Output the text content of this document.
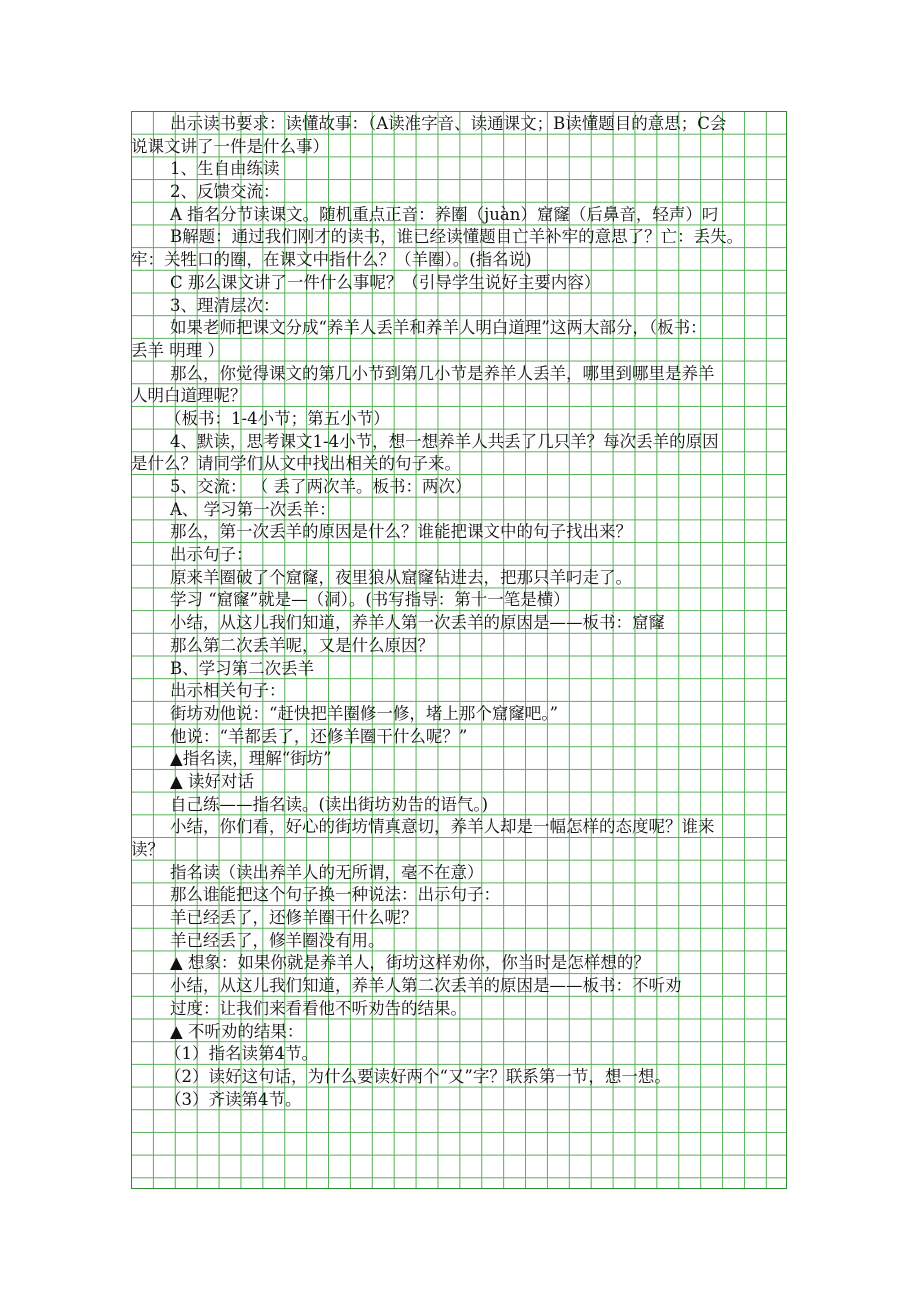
出示读书要求：读懂故事：（A读准字音、读通课文；B读懂题目的意思；C会
说课文讲了一件是什么事）
1、生自由练读
2、反馈交流：
A 指名分节读课文。随机重点正音：养圈（juàn）窟窿（后鼻音，轻声）叼
B解题：通过我们刚才的读书，谁已经读懂题目亡羊补牢的意思了？亡：丢失。
牢：关牲口的圈，在课文中指什么？（羊圈）。(指名说)
C 那么课文讲了一件什么事呢？（引导学生说好主要内容）
3、理清层次：
如果老师把课文分成“养羊人丢羊和养羊人明白道理”这两大部分，（板书：
丢羊 明理 ）
那么，你觉得课文的第几小节到第几小节是养羊人丢羊，哪里到哪里是养羊
人明白道理呢？
（板书：1-4小节；第五小节）
4、默读，思考课文1-4小节，想一想养羊人共丢了几只羊？每次丢羊的原因
是什么？请同学们从文中找出相关的句子来。
5、交流： （ 丢了两次羊。板书：两次）
A、 学习第一次丢羊：
那么，第一次丢羊的原因是什么？谁能把课文中的句子找出来？
出示句子：
原来羊圈破了个窟窿，夜里狼从窟窿钻进去，把那只羊叼走了。
学习 “窟窿”就是—（洞）。(书写指导：第十一笔是横）
小结，从这儿我们知道，养羊人第一次丢羊的原因是——板书：窟窿
那么第二次丢羊呢，又是什么原因？
B、学习第二次丢羊
出示相关句子：
街坊劝他说：“赶快把羊圈修一修，堵上那个窟窿吧。”
他说：“羊都丢了，还修羊圈干什么呢？”
▲指名读，理解“街坊”
▲ 读好对话
自己练——指名读。(读出街坊劝告的语气。)
小结，你们看，好心的街坊情真意切，养羊人却是一幅怎样的态度呢？谁来
读？
指名读（读出养羊人的无所谓，毫不在意）
那么谁能把这个句子换一种说法：出示句子：
羊已经丢了，还修羊圈干什么呢？
羊已经丢了，修羊圈没有用。
▲ 想象：如果你就是养羊人，街坊这样劝你，你当时是怎样想的？
小结，从这儿我们知道，养羊人第二次丢羊的原因是——板书：不听劝
过度：让我们来看看他不听劝告的结果。
▲ 不听劝的结果：
（1）指名读第4节。
（2）读好这句话，为什么要读好两个“又”字？联系第一节，想一想。
（3）齐读第4节。
